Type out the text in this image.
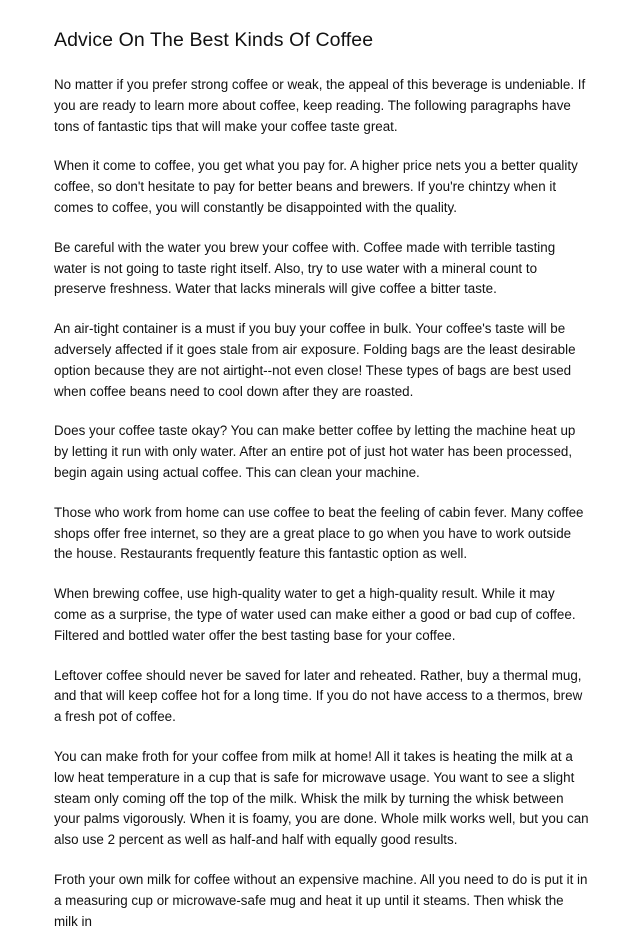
Advice On The Best Kinds Of Coffee

No matter if you prefer strong coffee or weak, the appeal of this beverage is undeniable. If you are ready to learn more about coffee, keep reading. The following paragraphs have tons of fantastic tips that will make your coffee taste great.

When it come to coffee, you get what you pay for. A higher price nets you a better quality coffee, so don't hesitate to pay for better beans and brewers. If you're chintzy when it comes to coffee, you will constantly be disappointed with the quality.

Be careful with the water you brew your coffee with. Coffee made with terrible tasting water is not going to taste right itself. Also, try to use water with a mineral count to preserve freshness. Water that lacks minerals will give coffee a bitter taste.

An air-tight container is a must if you buy your coffee in bulk. Your coffee's taste will be adversely affected if it goes stale from air exposure. Folding bags are the least desirable option because they are not airtight--not even close! These types of bags are best used when coffee beans need to cool down after they are roasted.

Does your coffee taste okay? You can make better coffee by letting the machine heat up by letting it run with only water. After an entire pot of just hot water has been processed, begin again using actual coffee. This can clean your machine.

Those who work from home can use coffee to beat the feeling of cabin fever. Many coffee shops offer free internet, so they are a great place to go when you have to work outside the house. Restaurants frequently feature this fantastic option as well.

When brewing coffee, use high-quality water to get a high-quality result. While it may come as a surprise, the type of water used can make either a good or bad cup of coffee. Filtered and bottled water offer the best tasting base for your coffee.

Leftover coffee should never be saved for later and reheated. Rather, buy a thermal mug, and that will keep coffee hot for a long time. If you do not have access to a thermos, brew a fresh pot of coffee.

You can make froth for your coffee from milk at home! All it takes is heating the milk at a low heat temperature in a cup that is safe for microwave usage. You want to see a slight steam only coming off the top of the milk. Whisk the milk by turning the whisk between your palms vigorously. When it is foamy, you are done. Whole milk works well, but you can also use 2 percent as well as half-and half with equally good results.

Froth your own milk for coffee without an expensive machine. All you need to do is put it in a measuring cup or microwave-safe mug and heat it up until it steams. Then whisk the milk in
